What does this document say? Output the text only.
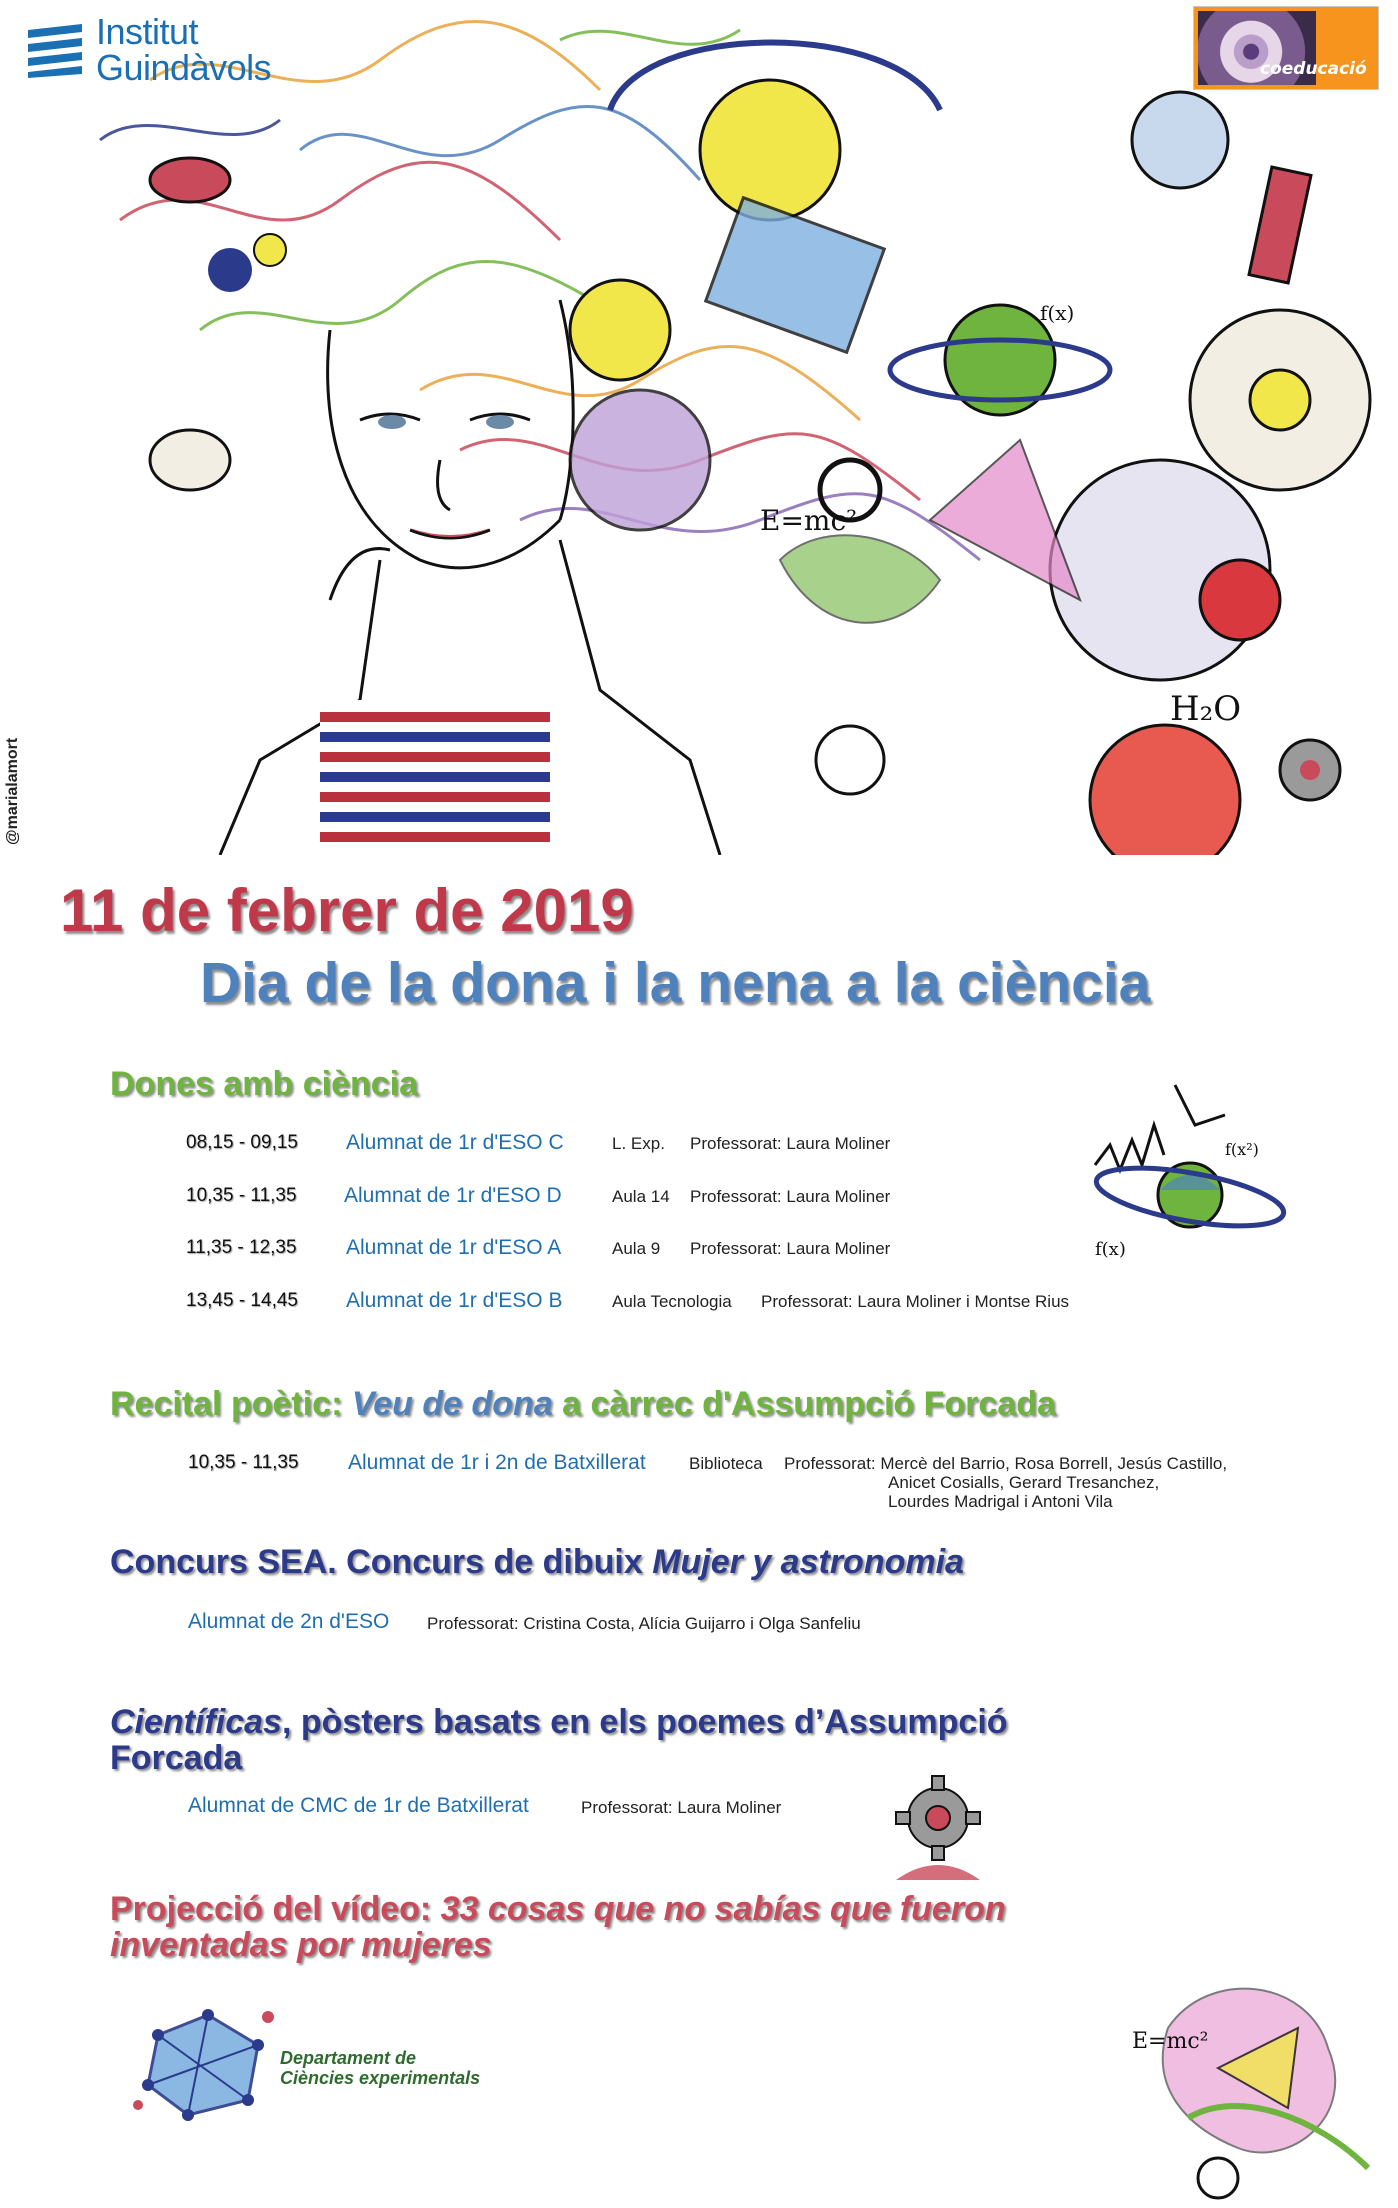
E=mc²
H₂O
f(x)
Institut Guindàvols	coeducació
@marialamort
11 de febrer de 2019
Dia de la dona i la nena a la ciència
Dones amb ciència
08,15 - 09,15 Alumnat de 1r d'ESO C	L. Exp. Professorat: Laura Moliner
10,35 - 11,35 Alumnat de 1r d'ESO D	Aula 14 Professorat: Laura Moliner
11,35 - 12,35 Alumnat de 1r d'ESO A	Aula 9 Professorat: Laura Moliner
13,45 - 14,45 Alumnat de 1r d'ESO B	Aula Tecnologia Professorat: Laura Moliner i Montse Rius
f(x)
f(x²)
Recital poètic: Veu de dona a càrrec d'Assumpció Forcada
10,35 - 11,35 Alumnat de 1r i 2n de Batxillerat	Biblioteca Professorat: Mercè del Barrio, Rosa Borrell, Jesús Castillo,
Anicet Cosialls, Gerard Tresanchez,
Lourdes Madrigal i Antoni Vila
Concurs SEA. Concurs de dibuix Mujer y astronomia
Alumnat de 2n d'ESO Professorat: Cristina Costa, Alícia Guijarro i Olga Sanfeliu
Científicas, pòsters basats en els poemes d’Assumpció
Forcada
Alumnat de CMC de 1r de Batxillerat	Professorat: Laura Moliner
Projecció del vídeo: 33 cosas que no sabías que fueron
inventadas por mujeres
Departament de
Ciències experimentals
E=mc²
